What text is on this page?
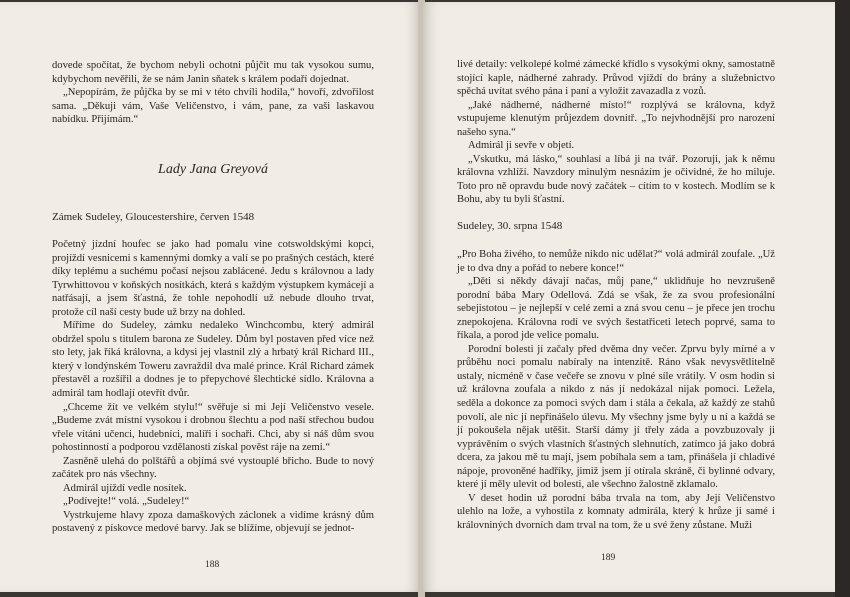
dovede spočítat, že bychom nebyli ochotni půjčit mu tak vysokou sumu, kdybychom nevěřili, že se nám Janin sňatek s králem podaří dojednat.

„Nepopírám, že půjčka by se mi v této chvíli hodila,“ hovoří, zdvořilost sama. „Děkuji vám, Vaše Veličenstvo, i vám, pane, za vaši laskavou nabídku. Přijímám.“

Lady Jana Greyová
Zámek Sudeley, Gloucestershire, červen 1548

Početný jízdní houfec se jako had pomalu vine cotswoldskými kopci, projíždí vesnicemi s kamennými domky a valí se po prašných cestách, které díky teplému a suchému počasí nejsou zablácené. Jedu s královnou a lady Tyrwhittovou v koňských nosítkách, která s každým výstupkem kymácejí a natřásají, a jsem šťastná, že tohle nepohodlí už nebude dlouho trvat, protože cíl naší cesty bude už brzy na dohled.

Míříme do Sudeley, zámku nedaleko Winchcombu, který admirál obdržel spolu s titulem barona ze Sudeley. Dům byl postaven před více než sto lety, jak říká královna, a kdysi jej vlastnil zlý a hrbatý král Richard III., který v londýnském Toweru zavraždil dva malé prince. Král Richard zámek přestavěl a rozšířil a dodnes je to přepychové šlechtické sídlo. Královna a admirál tam hodlají otevřít dvůr.

„Chceme žít ve velkém stylu!“ svěřuje si mi Její Veličenstvo vesele. „Budeme zvát místní vysokou i drobnou šlechtu a pod naší střechou budou vřele vítáni učenci, hudebníci, malíři i sochaři. Chci, aby si náš dům svou pohostinností a podporou vzdělanosti získal pověst ráje na zemi.“

Zasněně ulehá do polštářů a objímá své vystouplé břicho. Bude to nový začátek pro nás všechny.

Admirál ujíždí vedle nosítek.

„Podívejte!“ volá. „Sudeley!“

Vystrkujeme hlavy zpoza damaškových záclonek a vidíme krásný dům postavený z pískovce medové barvy. Jak se blížíme, objevují se jednot-

188

livé detaily: velkolepé kolmé zámecké křídlo s vysokými okny, samostatně stojící kaple, nádherné zahrady. Průvod vjíždí do brány a služebnictvo spěchá uvítat svého pána i paní a vyložit zavazadla z vozů.

„Jaké nádherné, nádherné místo!“ rozplývá se královna, když vstupujeme klenutým průjezdem dovnitř. „To nejvhodnější pro narození našeho syna.“

Admirál ji sevře v objetí.

„Vskutku, má lásko,“ souhlasí a líbá ji na tvář. Pozoruji, jak k němu královna vzhlíží. Navzdory minulým nesnázím je očividné, že ho miluje. Toto pro ně opravdu bude nový začátek – cítím to v kostech. Modlím se k Bohu, aby tu byli šťastní.

Sudeley, 30. srpna 1548

„Pro Boha živého, to nemůže nikdo nic udělat?“ volá admirál zoufale. „Už je to dva dny a pořád to nebere konce!“

„Děti si někdy dávají načas, můj pane,“ uklidňuje ho nevzrušeně porodní bába Mary Odellová. Zdá se však, že za svou profesionální sebejistotou – je nejlepší v celé zemi a zná svou cenu – je přece jen trochu znepokojena. Královna rodí ve svých šestatřiceti letech poprvé, sama to říkala, a porod jde velice pomalu.

Porodní bolesti jí začaly před dvěma dny večer. Zprvu byly mírné a v průběhu noci pomalu nabíraly na intenzitě. Ráno však nevysvětlitelně ustaly, nicméně v čase večeře se znovu v plné síle vrátily. V osm hodin si už královna zoufala a nikdo z nás jí nedokázal nijak pomoci. Ležela, seděla a dokonce za pomoci svých dam i stála a čekala, až každý ze stahů povolí, ale nic jí nepřinášelo úlevu. My všechny jsme byly u ní a každá se jí pokoušela nějak utěšit. Starší dámy jí třely záda a povzbuzovaly ji vyprávěním o svých vlastních šťastných slehnutích, zatímco já jako dobrá dcera, za jakou mě tu mají, jsem pobíhala sem a tam, přinášela jí chladivé nápoje, provoněné hadříky, jimiž jsem jí otírala skráně, či bylinné odvary, které jí měly ulevit od bolesti, ale všechno žalostně zklamalo.

V deset hodin už porodní bába trvala na tom, aby Její Veličenstvo ulehlo na lože, a vyhostila z komnaty admirála, který k hrůze ji samé i královniných dvorních dam trval na tom, že u své ženy zůstane. Muži

189
